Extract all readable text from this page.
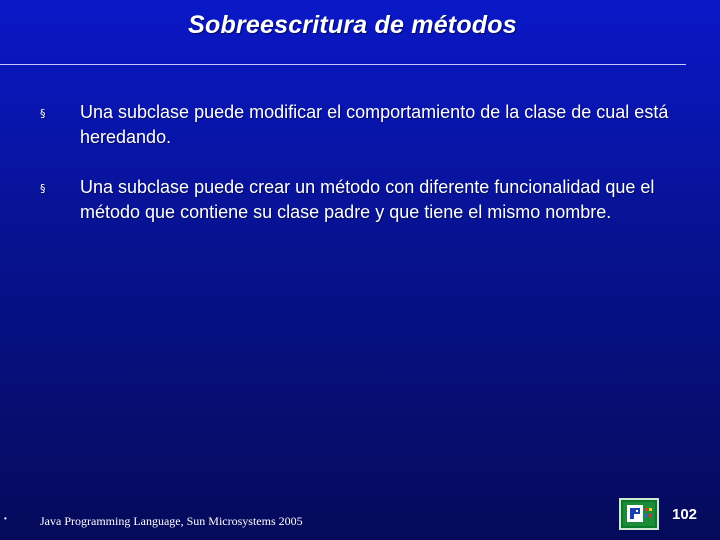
Sobreescritura de métodos
§ Una subclase puede modificar el comportamiento de la clase de cual está heredando.
§ Una subclase puede crear un método con diferente funcionalidad que el método que contiene su clase padre y que tiene el mismo nombre.
•	Java Programming Language, Sun Microsystems 2005	102
